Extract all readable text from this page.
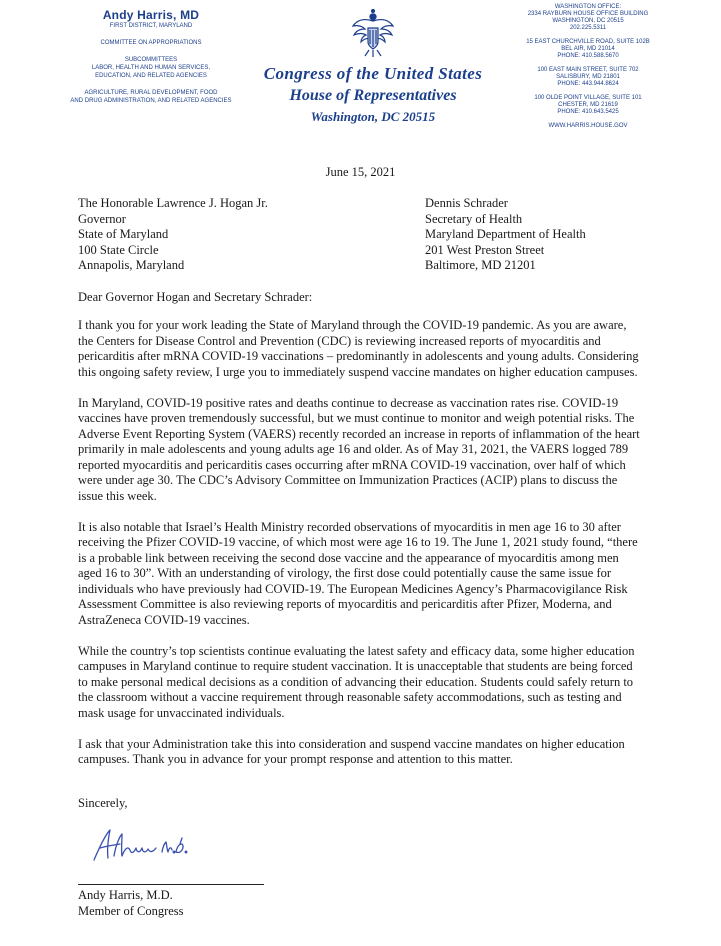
Andy Harris, MD
FIRST DISTRICT, MARYLAND
COMMITTEE ON APPROPRIATIONS
SUBCOMMITTEES
LABOR, HEALTH AND HUMAN SERVICES,
EDUCATION, AND RELATED AGENCIES
AGRICULTURE, RURAL DEVELOPMENT, FOOD
AND DRUG ADMINISTRATION, AND RELATED AGENCIES
Congress of the United States
House of Representatives
Washington, DC 20515
WASHINGTON OFFICE:
2334 RAYBURN HOUSE OFFICE BUILDING
WASHINGTON, DC 20515
202.225.5311
15 EAST CHURCHVILLE ROAD, SUITE 102B
BEL AIR, MD 21014
PHONE: 410.588.5670
100 EAST MAIN STREET, SUITE 702
SALISBURY, MD 21801
PHONE: 443.944.8624
100 OLDE POINT VILLAGE, SUITE 101
CHESTER, MD 21619
PHONE: 410.643.5425
WWW.HARRIS.HOUSE.GOV
June 15, 2021
The Honorable Lawrence J. Hogan Jr.
Governor
State of Maryland
100 State Circle
Annapolis, Maryland
Dennis Schrader
Secretary of Health
Maryland Department of Health
201 West Preston Street
Baltimore, MD 21201
Dear Governor Hogan and Secretary Schrader:

I thank you for your work leading the State of Maryland through the COVID-19 pandemic. As you are aware, the Centers for Disease Control and Prevention (CDC) is reviewing increased reports of myocarditis and pericarditis after mRNA COVID-19 vaccinations – predominantly in adolescents and young adults. Considering this ongoing safety review, I urge you to immediately suspend vaccine mandates on higher education campuses.

In Maryland, COVID-19 positive rates and deaths continue to decrease as vaccination rates rise. COVID-19 vaccines have proven tremendously successful, but we must continue to monitor and weigh potential risks. The Adverse Event Reporting System (VAERS) recently recorded an increase in reports of inflammation of the heart primarily in male adolescents and young adults age 16 and older. As of May 31, 2021, the VAERS logged 789 reported myocarditis and pericarditis cases occurring after mRNA COVID-19 vaccination, over half of which were under age 30. The CDC’s Advisory Committee on Immunization Practices (ACIP) plans to discuss the issue this week.

It is also notable that Israel’s Health Ministry recorded observations of myocarditis in men age 16 to 30 after receiving the Pfizer COVID-19 vaccine, of which most were age 16 to 19. The June 1, 2021 study found, “there is a probable link between receiving the second dose vaccine and the appearance of myocarditis among men aged 16 to 30”. With an understanding of virology, the first dose could potentially cause the same issue for individuals who have previously had COVID-19. The European Medicines Agency’s Pharmacovigilance Risk Assessment Committee is also reviewing reports of myocarditis and pericarditis after Pfizer, Moderna, and AstraZeneca COVID-19 vaccines.

While the country’s top scientists continue evaluating the latest safety and efficacy data, some higher education campuses in Maryland continue to require student vaccination. It is unacceptable that students are being forced to make personal medical decisions as a condition of advancing their education. Students could safely return to the classroom without a vaccine requirement through reasonable safety accommodations, such as testing and mask usage for unvaccinated individuals.

I ask that your Administration take this into consideration and suspend vaccine mandates on higher education campuses. Thank you in advance for your prompt response and attention to this matter.

Sincerely,
Andy Harris, M.D.
Member of Congress
